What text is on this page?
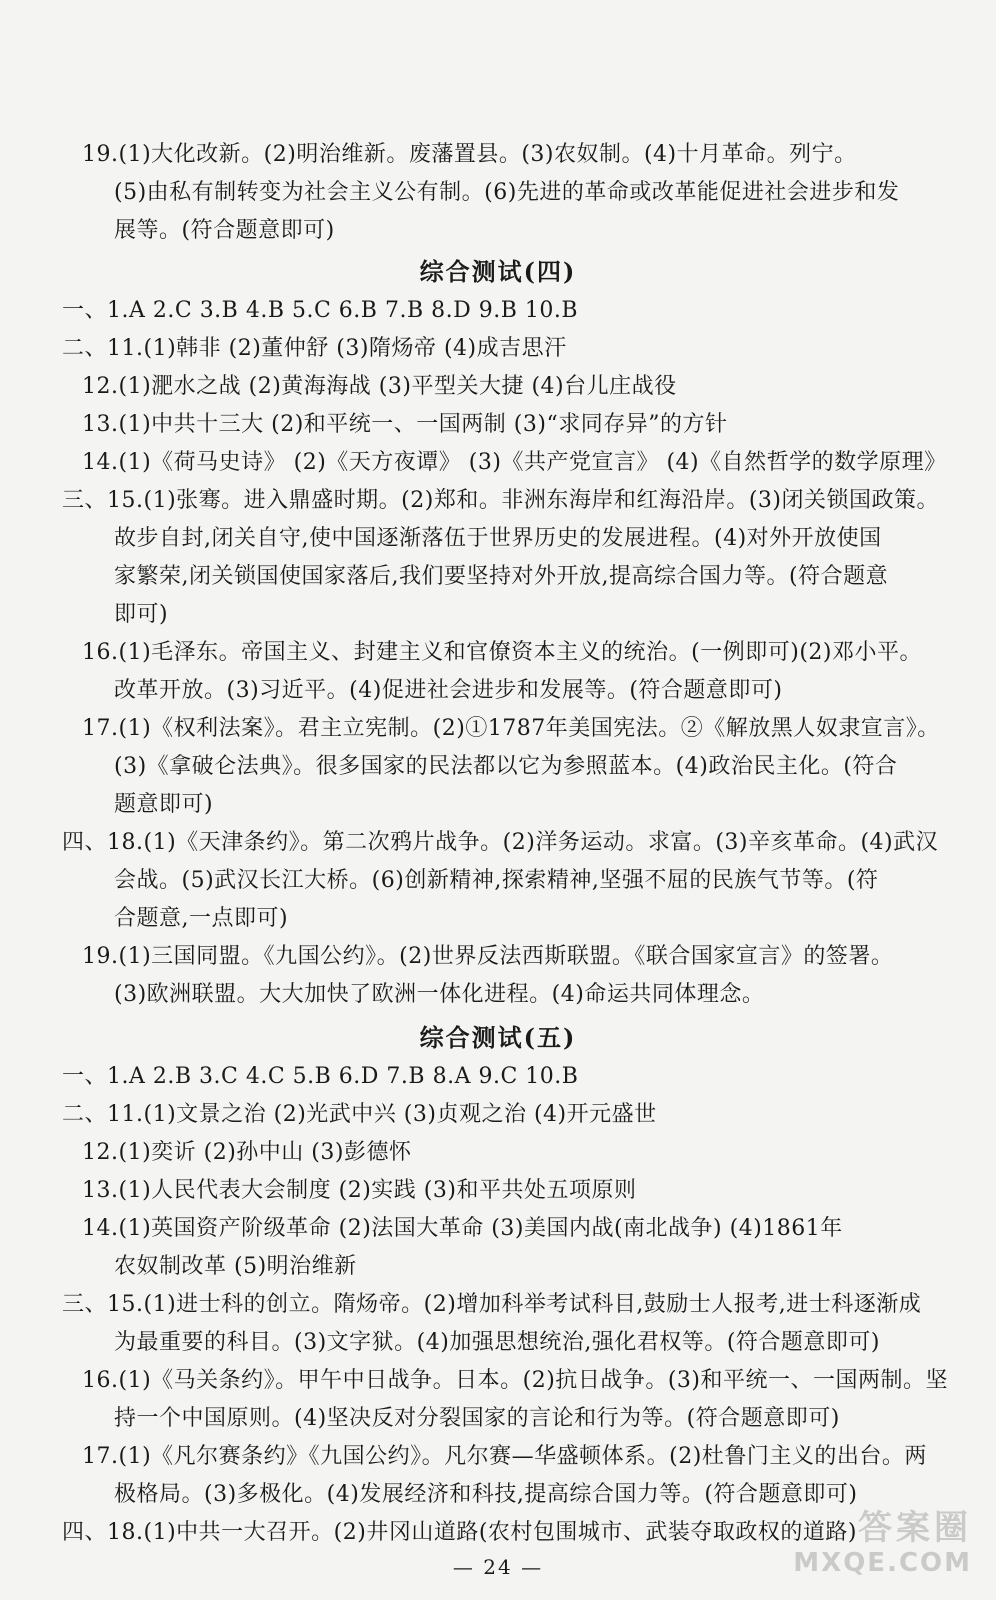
19.(1)大化改新。(2)明治维新。废藩置县。(3)农奴制。(4)十月革命。列宁。
(5)由私有制转变为社会主义公有制。(6)先进的革命或改革能促进社会进步和发
展等。(符合题意即可)
综合测试(四)
一、1.A 2.C 3.B 4.B 5.C 6.B 7.B 8.D 9.B 10.B
二、11.(1)韩非 (2)董仲舒 (3)隋炀帝 (4)成吉思汗
12.(1)淝水之战 (2)黄海海战 (3)平型关大捷 (4)台儿庄战役
13.(1)中共十三大 (2)和平统一、一国两制 (3)“求同存异”的方针
14.(1)《荷马史诗》 (2)《天方夜谭》 (3)《共产党宣言》 (4)《自然哲学的数学原理》
三、15.(1)张骞。进入鼎盛时期。(2)郑和。非洲东海岸和红海沿岸。(3)闭关锁国政策。
故步自封,闭关自守,使中国逐渐落伍于世界历史的发展进程。(4)对外开放使国
家繁荣,闭关锁国使国家落后,我们要坚持对外开放,提高综合国力等。(符合题意
即可)
16.(1)毛泽东。帝国主义、封建主义和官僚资本主义的统治。(一例即可)(2)邓小平。
改革开放。(3)习近平。(4)促进社会进步和发展等。(符合题意即可)
17.(1)《权利法案》。君主立宪制。(2)①1787年美国宪法。②《解放黑人奴隶宣言》。
(3)《拿破仑法典》。很多国家的民法都以它为参照蓝本。(4)政治民主化。(符合
题意即可)
四、18.(1)《天津条约》。第二次鸦片战争。(2)洋务运动。求富。(3)辛亥革命。(4)武汉
会战。(5)武汉长江大桥。(6)创新精神,探索精神,坚强不屈的民族气节等。(符
合题意,一点即可)
19.(1)三国同盟。《九国公约》。(2)世界反法西斯联盟。《联合国家宣言》的签署。
(3)欧洲联盟。大大加快了欧洲一体化进程。(4)命运共同体理念。
综合测试(五)
一、1.A 2.B 3.C 4.C 5.B 6.D 7.B 8.A 9.C 10.B
二、11.(1)文景之治 (2)光武中兴 (3)贞观之治 (4)开元盛世
12.(1)奕䜣 (2)孙中山 (3)彭德怀
13.(1)人民代表大会制度 (2)实践 (3)和平共处五项原则
14.(1)英国资产阶级革命 (2)法国大革命 (3)美国内战(南北战争) (4)1861年
农奴制改革 (5)明治维新
三、15.(1)进士科的创立。隋炀帝。(2)增加科举考试科目,鼓励士人报考,进士科逐渐成
为最重要的科目。(3)文字狱。(4)加强思想统治,强化君权等。(符合题意即可)
16.(1)《马关条约》。甲午中日战争。日本。(2)抗日战争。(3)和平统一、一国两制。坚
持一个中国原则。(4)坚决反对分裂国家的言论和行为等。(符合题意即可)
17.(1)《凡尔赛条约》《九国公约》。凡尔赛—华盛顿体系。(2)杜鲁门主义的出台。两
极格局。(3)多极化。(4)发展经济和科技,提高综合国力等。(符合题意即可)
四、18.(1)中共一大召开。(2)井冈山道路(农村包围城市、武装夺取政权的道路)
— 24 —
答案圈
MXQE.COM
